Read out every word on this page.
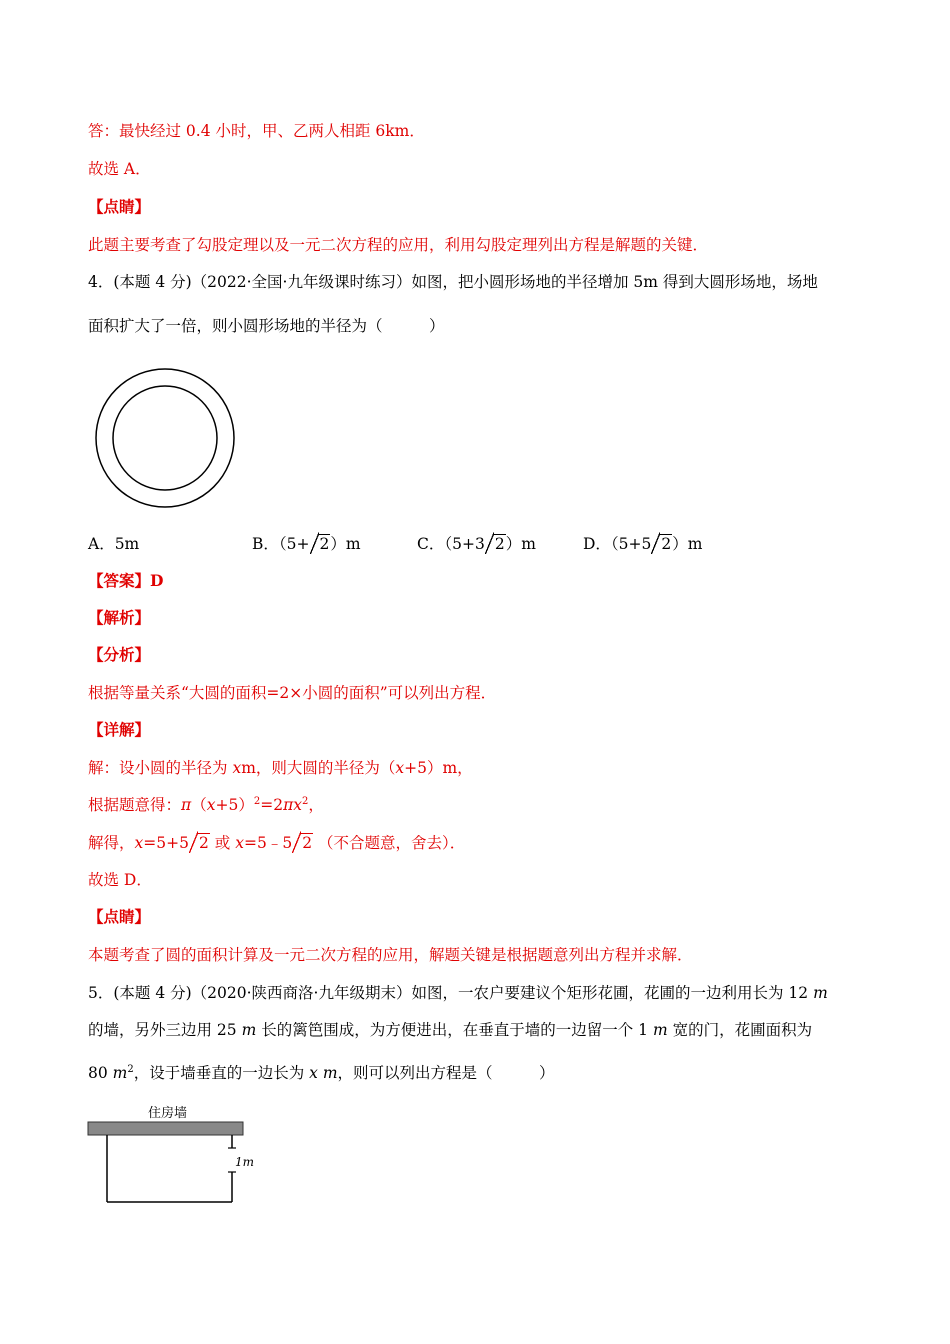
答：最快经过 0.4 小时，甲、乙两人相距 6km．
故选 A．
【点睛】
此题主要考查了勾股定理以及一元二次方程的应用，利用勾股定理列出方程是解题的关键．
4．(本题 4 分)（2022·全国·九年级课时练习）如图，把小圆形场地的半径增加 5m 得到大圆形场地，场地
面积扩大了一倍，则小圆形场地的半径为（　　　）
A．5m	B．（5+ 2）m	C．（5+3 2）m	D．（5+5 2）m
【答案】D
【解析】
【分析】
根据等量关系“大圆的面积=2×小圆的面积”可以列出方程．
【详解】
解：设小圆的半径为 xm，则大圆的半径为（x+5）m，
根据题意得：$\pi(x+5)^2=2\pi x^2$，
解得，x=5+5 2 或 x=5﹣5 2 （不合题意，舍去）．
故选 D．
【点睛】
本题考查了圆的面积计算及一元二次方程的应用，解题关键是根据题意列出方程并求解．
5．(本题 4 分)（2020·陕西商洛·九年级期末）如图，一农户要建议个矩形花圃，花圃的一边利用长为 12 m
的墙，另外三边用 25 m 长的篱笆围成，为方便进出，在垂直于墙的一边留一个 1 m 宽的门，花圃面积为
80 $m^2$，设于墙垂直的一边长为 x m，则可以列出方程是（　　　）
住房墙
1m
